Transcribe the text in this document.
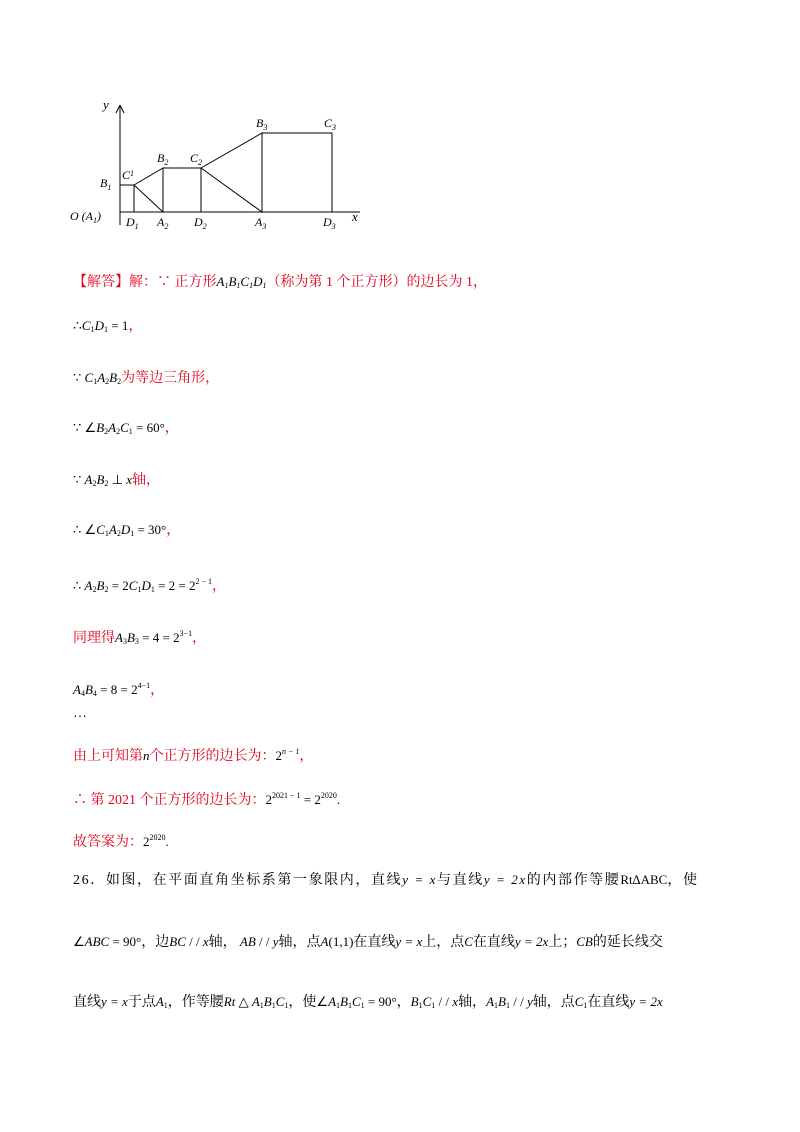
y
x
O $(A_1)$
$B_1$
$C^1$
$D_1$ $A_2$
$B_2$ $C_2$
$D_2$
$B_3$	$C_3$
$A_3$	$D_3$
【解答】解：∵ 正方形$A_1B_1C_1D_1$（称为第 1 个正方形）的边长为 1，
$\therefore C_1D_1 = 1$，
∵ $C_1A_2B_2$为等边三角形，
∵ $\angle B_2A_2C_1 = 60^\circ$，
∵ $A_2B_2$ ⊥ x轴，
∴ $\angle C_1A_2D_1 = 30^\circ$，
∴ $A_2B_2 = 2C_1D_1 = 2 = 2^{2 - 1}$，
同理得$A_3B_3 = 4 = 2^{3-1}$，
$A_4B_4 = 8 = 2^{4-1}$，
…
由上可知第n个正方形的边长为：$2^{n - 1}$，
∴ 第 2021 个正方形的边长为：$2^{2021 - 1} = 2^{2020}$.
故答案为：$2^{2020}$.
26．如图，在平面直角坐标系第一象限内，直线y = x与直线y = 2x的内部作等腰Rt∆ABC，使
∠ABC = 90°，边BC / / x轴， AB / / y轴，点A(1,1)在直线y = x上，点C在直线y = 2x上；CB的延长线交
直线y = x于点$A_1$，作等腰Rt △ $A_1B_1C_1$，使$\angle A_1B_1C_1 = 90^\circ$，$B_1C_1$ / / x轴，$A_1B_1$ / / y轴，点$C_1$在直线y = 2x
